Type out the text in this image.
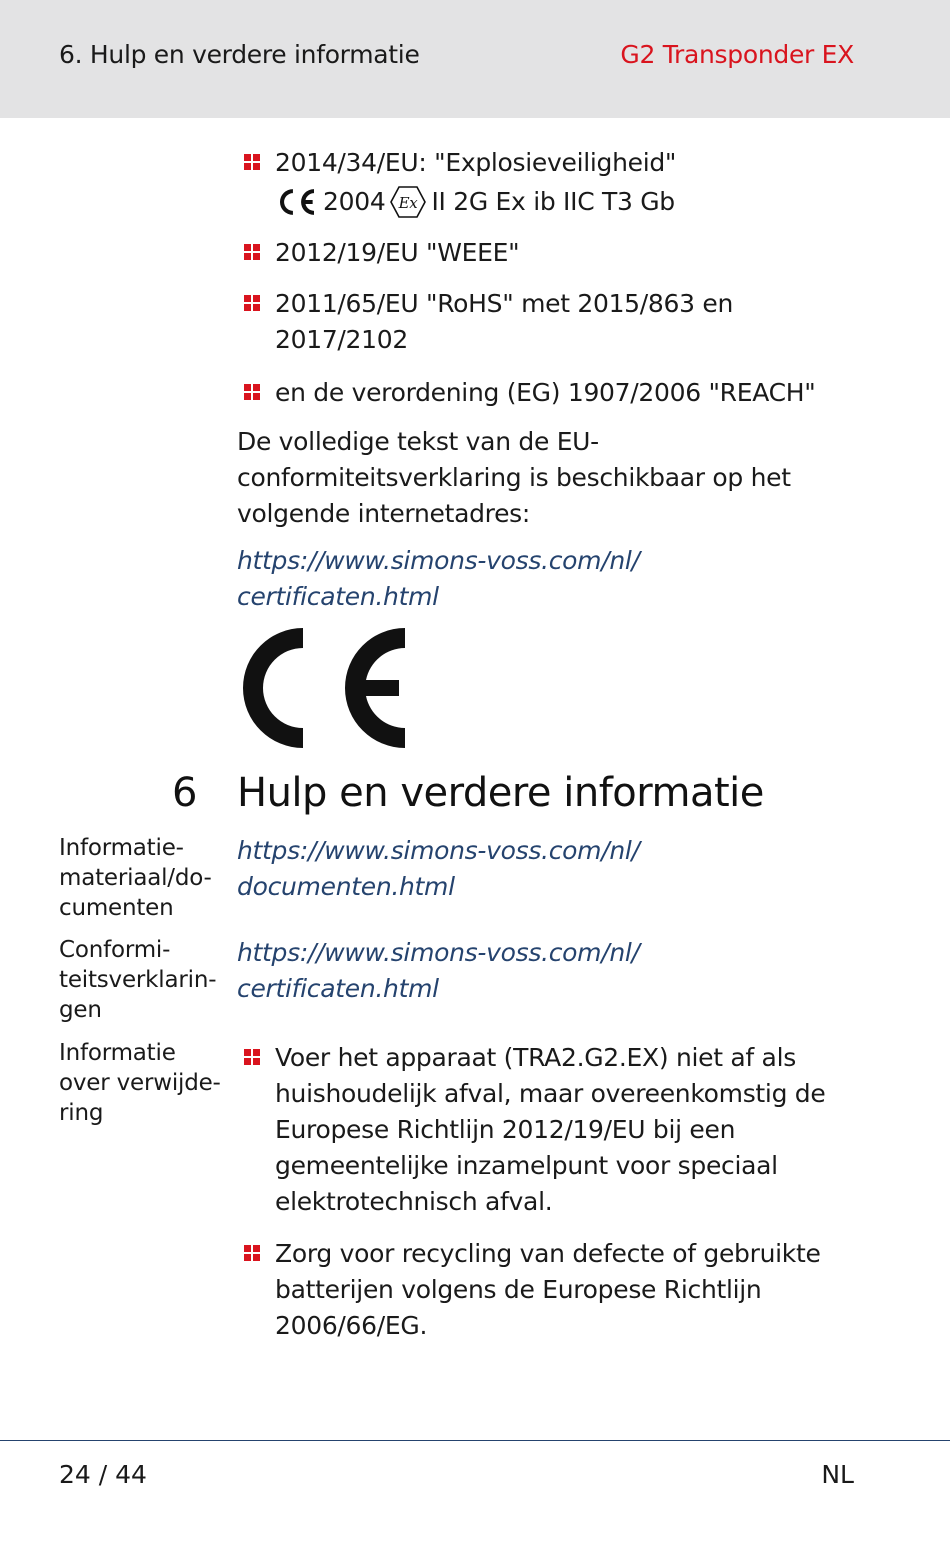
6. Hulp en verdere informatie	G2 Transponder EX
2014/34/EU: "Explosieveiligheid"
2004 Ex II 2G Ex ib IIC T3 Gb
2012/19/EU "WEEE"
2011/65/EU "RoHS" met 2015/863 en
2017/2102
en de verordening (EG) 1907/2006 "REACH"
De volledige tekst van de EU-
conformiteitsverklaring is beschikbaar op het
volgende internetadres:
https://www.simons-voss.com/nl/
certificaten.html
6 Hulp en verdere informatie
Informatie-
materiaal/do-
cumenten
https://www.simons-voss.com/nl/
documenten.html
Conformi-
teitsverklarin-
gen
https://www.simons-voss.com/nl/
certificaten.html
Informatie
over verwijde-
ring
Voer het apparaat (TRA2.G2.EX) niet af als
huishoudelijk afval, maar overeenkomstig de
Europese Richtlijn 2012/19/EU bij een
gemeentelijke inzamelpunt voor speciaal
elektrotechnisch afval.
Zorg voor recycling van defecte of gebruikte
batterijen volgens de Europese Richtlijn
2006/66/EG.
24 / 44	NL
